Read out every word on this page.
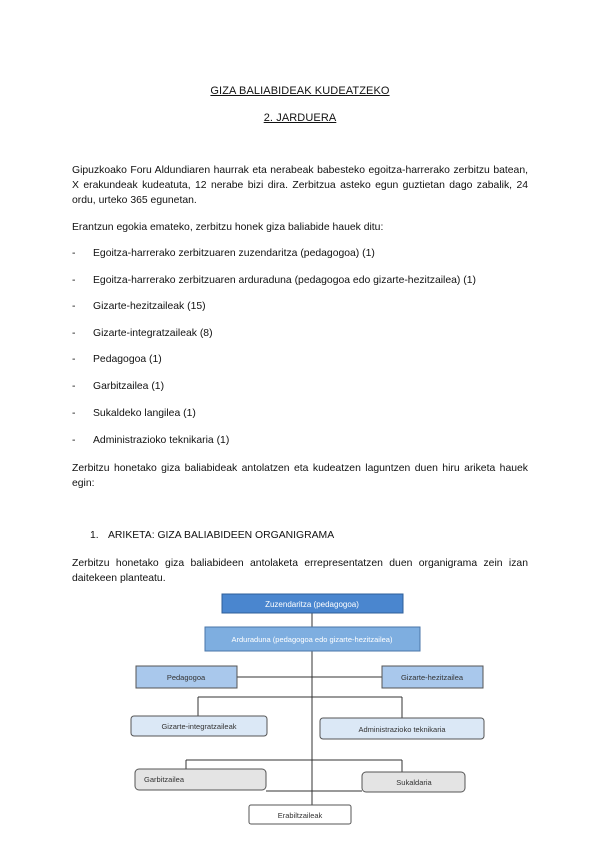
GIZA BALIABIDEAK KUDEATZEKO
2. JARDUERA
Gipuzkoako Foru Aldundiaren haurrak eta nerabeak babesteko egoitza-harrerako zerbitzu batean, X erakundeak kudeatuta, 12 nerabe bizi dira. Zerbitzua asteko egun guztietan dago zabalik, 24 ordu, urteko 365 egunetan.
Erantzun egokia emateko, zerbitzu honek giza baliabide hauek ditu:
- Egoitza-harrerako zerbitzuaren zuzendaritza (pedagogoa) (1)
- Egoitza-harrerako zerbitzuaren arduraduna (pedagogoa edo gizarte-hezitzailea) (1)
- Gizarte-hezitzaileak (15)
- Gizarte-integratzaileak (8)
- Pedagogoa (1)
- Garbitzailea (1)
- Sukaldeko langilea (1)
- Administrazioko teknikaria (1)
Zerbitzu honetako giza baliabideak antolatzen eta kudeatzen laguntzen duen hiru ariketa hauek egin:
1. ARIKETA: GIZA BALIABIDEEN ORGANIGRAMA
Zerbitzu honetako giza baliabideen antolaketa errepresentatzen duen organigrama zein izan daitekeen planteatu.
Zuzendaritza (pedagogoa)
Arduraduna (pedagogoa edo gizarte-hezitzailea)
Pedagogoa	Gizarte-hezitzailea
Gizarte-integratzaileak	Administrazioko teknikaria
Garbitzailea	Sukaldaria
Erabiltzaileak
